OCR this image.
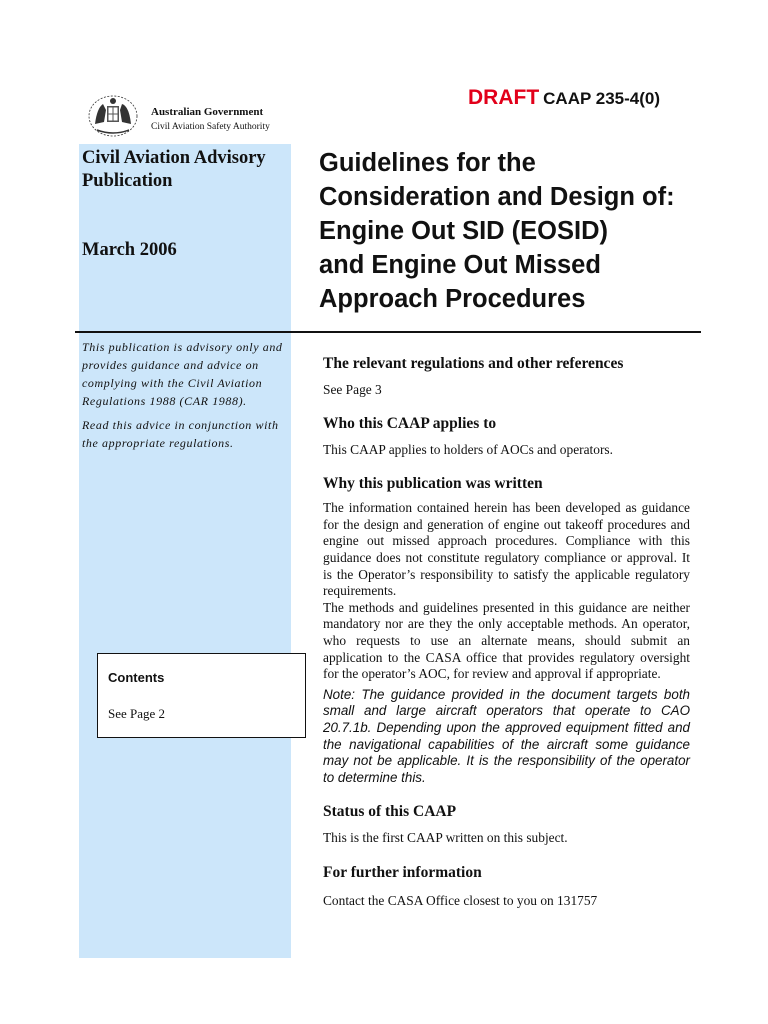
Australian Government
Civil Aviation Safety Authority
DRAFT CAAP 235-4(0)
Civil Aviation Advisory Publication
March 2006
Guidelines for the
Consideration and Design of:
Engine Out SID (EOSID)
and Engine Out Missed
Approach Procedures

This publication is advisory only and provides guidance and advice on complying with the Civil Aviation Regulations 1988 (CAR 1988).

Read this advice in conjunction with the appropriate regulations.

Contents
See Page 2
The relevant regulations and other references

See Page 3

Who this CAAP applies to

This CAAP applies to holders of AOCs and operators.

Why this publication was written

The information contained herein has been developed as guidance for the design and generation of engine out takeoff procedures and engine out missed approach procedures. Compliance with this guidance does not constitute regulatory compliance or approval. It is the Operator’s responsibility to satisfy the applicable regulatory requirements.

The methods and guidelines presented in this guidance are neither mandatory nor are they the only acceptable methods. An operator, who requests to use an alternate means, should submit an application to the CASA office that provides regulatory oversight for the operator’s AOC, for review and approval if appropriate.

Note: The guidance provided in the document targets both small and large aircraft operators that operate to CAO 20.7.1b. Depending upon the approved equipment fitted and the navigational capabilities of the aircraft some guidance may not be applicable. It is the responsibility of the operator to determine this.

Status of this CAAP

This is the first CAAP written on this subject.

For further information

Contact the CASA Office closest to you on 131757
